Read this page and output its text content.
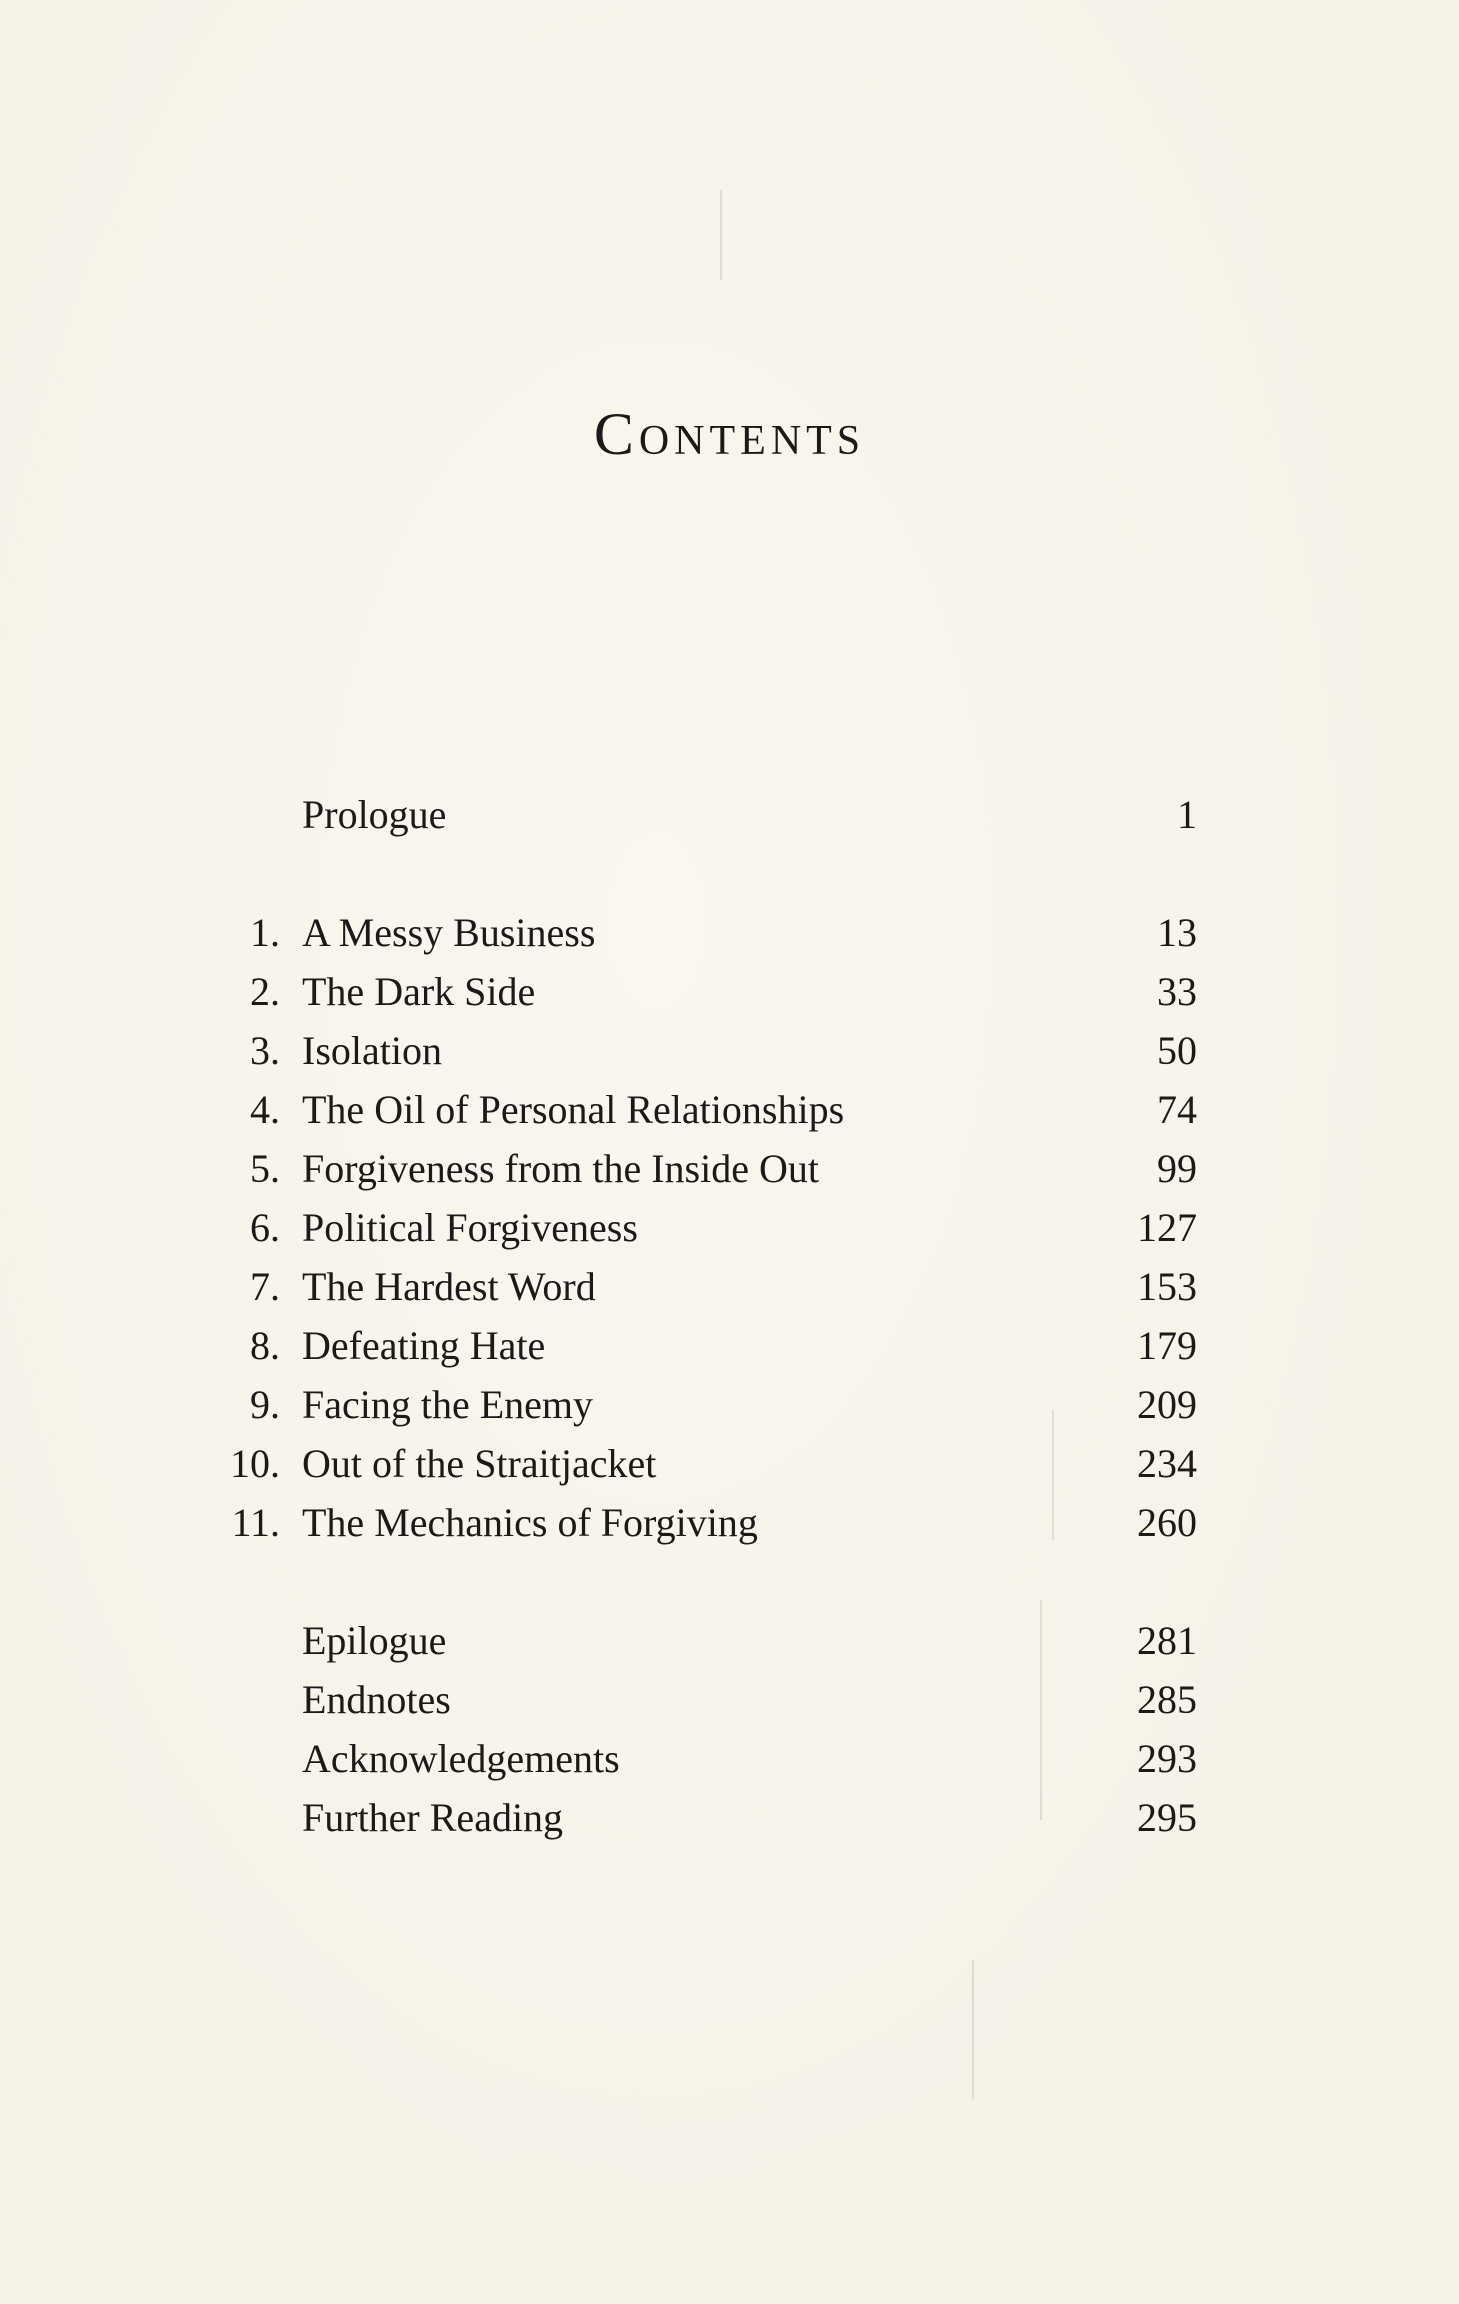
Contents
Prologue	1
1. A Messy Business	13
2. The Dark Side	33
3. Isolation	50
4. The Oil of Personal Relationships	74
5. Forgiveness from the Inside Out	99
6. Political Forgiveness	127
7. The Hardest Word	153
8. Defeating Hate	179
9. Facing the Enemy	209
10. Out of the Straitjacket	234
11. The Mechanics of Forgiving	260
Epilogue	281
Endnotes	285
Acknowledgements	293
Further Reading	295
